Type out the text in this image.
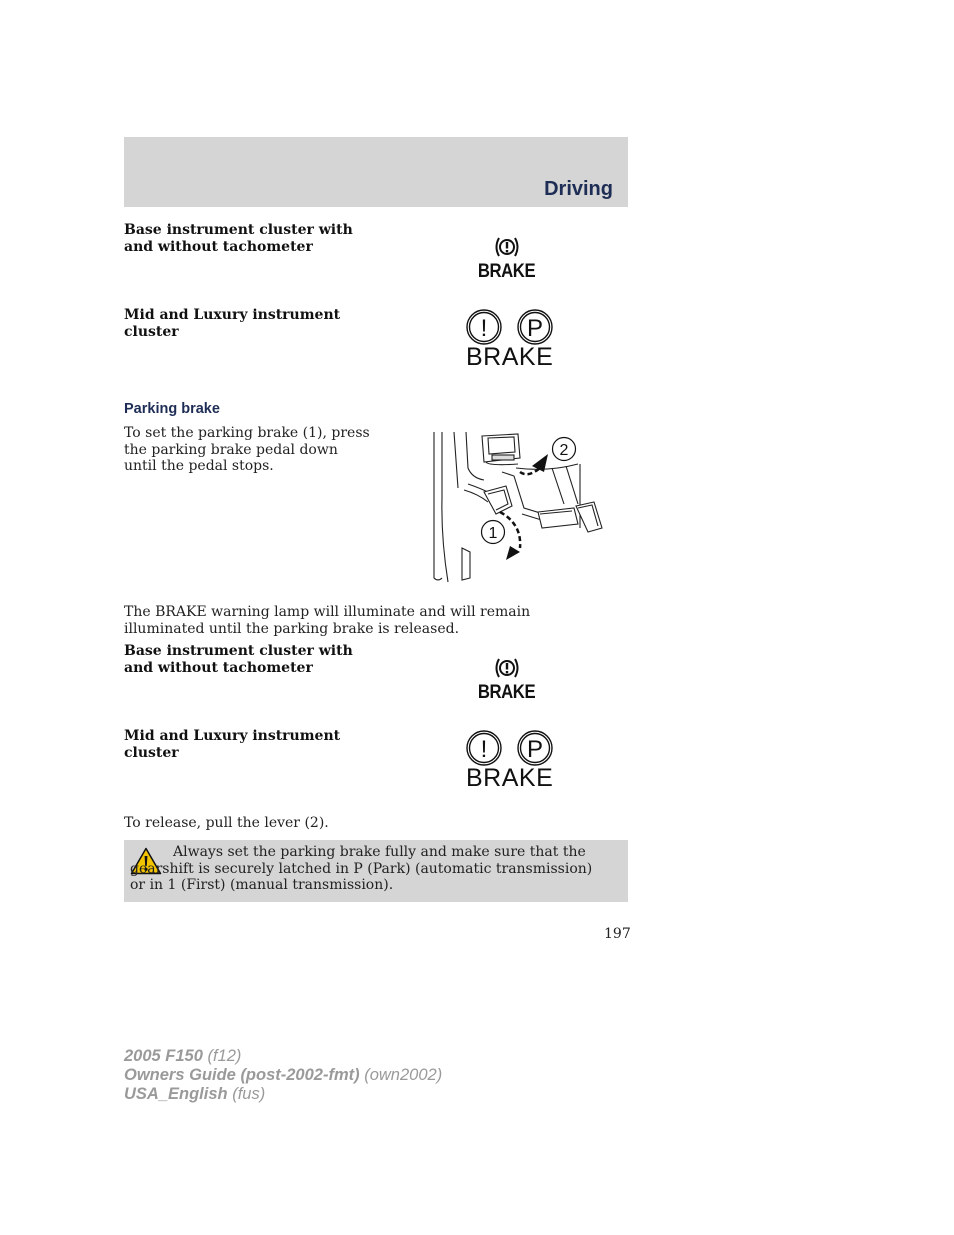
Driving
Base instrument cluster with and without tachometer
Mid and Luxury instrument cluster
BRAKE
! P
BRAKE
Parking brake
To set the parking brake (1), press the parking brake pedal down until the pedal stops.
2
1
The BRAKE warning lamp will illuminate and will remain illuminated until the parking brake is released.
Base instrument cluster with and without tachometer
Mid and Luxury instrument cluster
BRAKE
! P
BRAKE
To release, pull the lever (2).
Always set the parking brake fully and make sure that the gearshift is securely latched in P (Park) (automatic transmission) or in 1 (First) (manual transmission).
197
2005 F150 (f12)
Owners Guide (post-2002-fmt) (own2002)
USA_English (fus)
